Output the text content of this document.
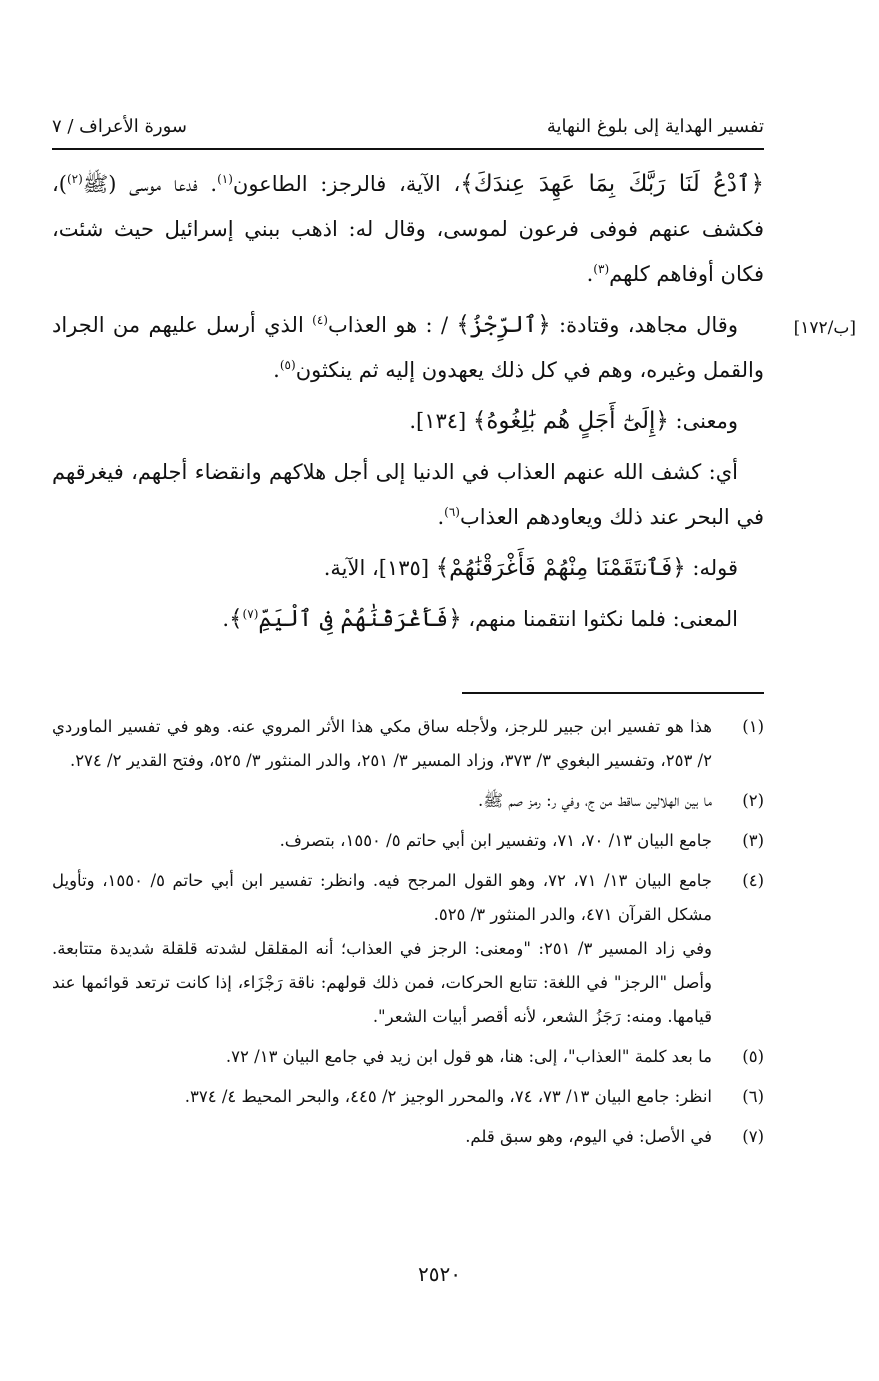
تفسير الهداية إلى بلوغ النهاية
سورة الأعراف / ٧
[ب/١٧٢]

﴿ٱدْعُ لَنَا رَبَّكَ بِمَا عَهِدَ عِندَكَ﴾، الآية، فالرجز: الطاعون$^{(١)}$. فدعا موسى (ﷺ$^{(٢)}$)، فكشف عنهم فوفى فرعون لموسى، وقال له: اذهب ببني إسرائيل حيث شئت، فكان أوفاهم كلهم$^{(٣)}$.

وقال مجاهد، وقتادة: ﴿ٱلرِّجْزُ﴾ / : هو العذاب$^{(٤)}$ الذي أرسل عليهم من الجراد والقمل وغيره، وهم في كل ذلك يعهدون إليه ثم ينكثون$^{(٥)}$.

ومعنى: ﴿إِلَىٰٓ أَجَلٍ هُم بَٰلِغُوهُ﴾ [١٣٤].

أي: كشف الله عنهم العذاب في الدنيا إلى أجل هلاكهم وانقضاء أجلهم، فيغرقهم في البحر عند ذلك ويعاودهم العذاب$^{(٦)}$.

قوله: ﴿فَٱنتَقَمْنَا مِنْهُمْ فَأَغْرَقْنَٰهُمْ﴾ [١٣٥]، الآية.

المعنى: فلما نكثوا انتقمنا منهم، ﴿فَأَغْرَقْنَٰهُمْ فِى ٱلْيَمِّ$^{(٧)}$﴾.

(١)

هذا هو تفسير ابن جبير للرجز، ولأجله ساق مكي هذا الأثر المروي عنه. وهو في تفسير الماوردي ٢/ ٢٥٣، وتفسير البغوي ٣/ ٣٧٣، وزاد المسير ٣/ ٢٥١، والدر المنثور ٣/ ٥٢٥، وفتح القدير ٢/ ٢٧٤.

(٢)

ما بين الهلالين ساقط من ج، وفي ر: رمز صم ﷺ.

(٣)

جامع البيان ١٣/ ٧٠، ٧١، وتفسير ابن أبي حاتم ٥/ ١٥٥٠، بتصرف.

(٤)

جامع البيان ١٣/ ٧١، ٧٢، وهو القول المرجح فيه. وانظر: تفسير ابن أبي حاتم ٥/ ١٥٥٠، وتأويل مشكل القرآن ٤٧١، والدر المنثور ٣/ ٥٢٥.

وفي زاد المسير ٣/ ٢٥١: "ومعنى: الرجز في العذاب؛ أنه المقلقل لشدته قلقلة شديدة متتابعة. وأصل "الرجز" في اللغة: تتابع الحركات، فمن ذلك قولهم: ناقة رَجْزَاء، إذا كانت ترتعد قوائمها عند قيامها. ومنه: رَجَزُ الشعر، لأنه أقصر أبيات الشعر".

(٥)

ما بعد كلمة "العذاب"، إلى: هنا، هو قول ابن زيد في جامع البيان ١٣/ ٧٢.

(٦)

انظر: جامع البيان ١٣/ ٧٣، ٧٤، والمحرر الوجيز ٢/ ٤٤٥، والبحر المحيط ٤/ ٣٧٤.

(٧)

في الأصل: في اليوم، وهو سبق قلم.

٢٥٢٠
